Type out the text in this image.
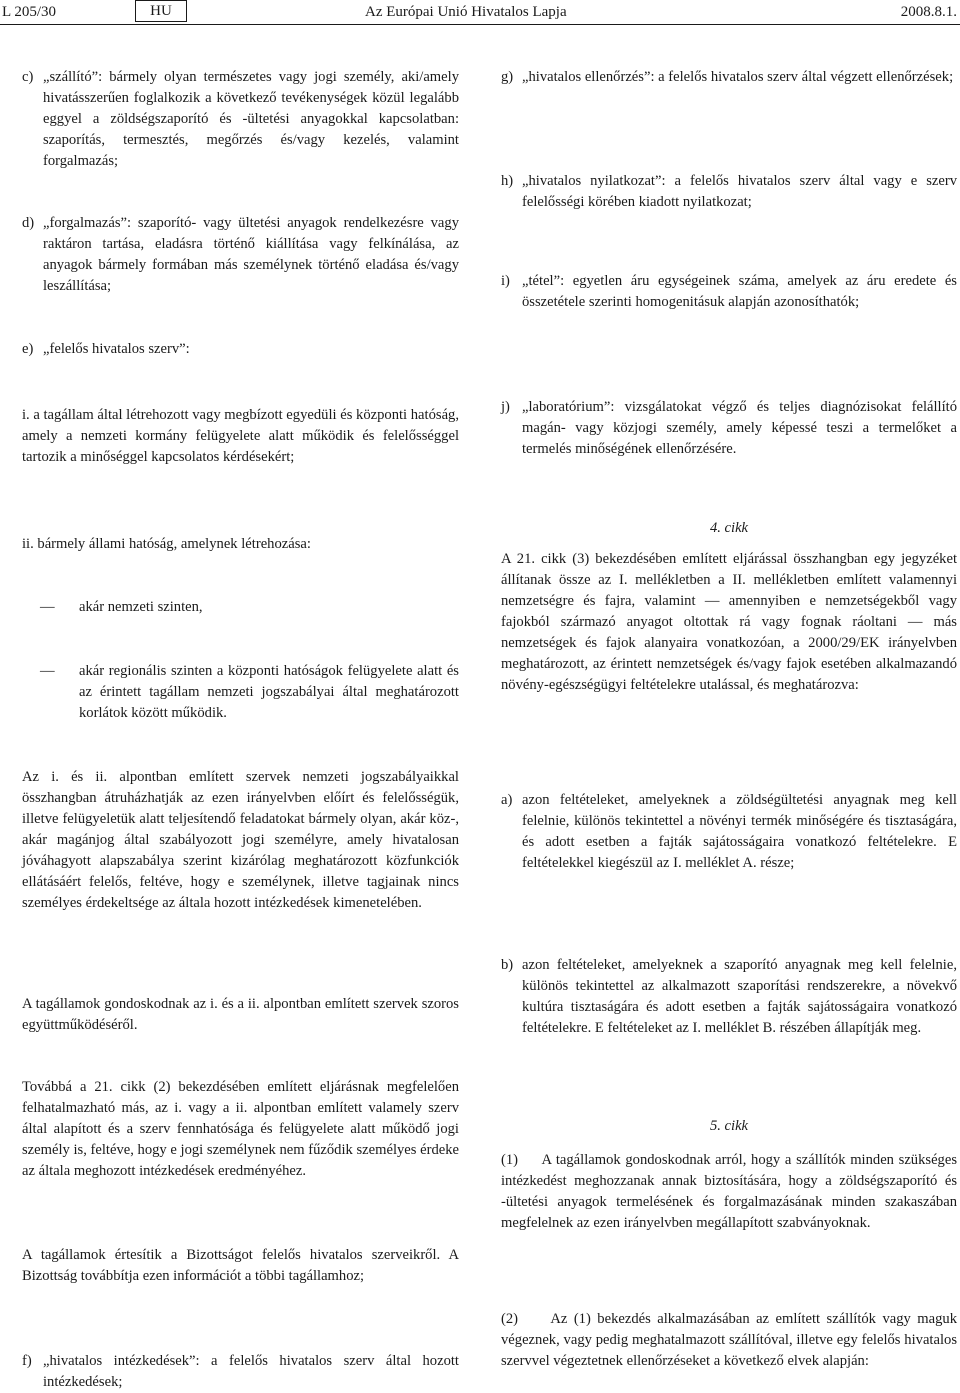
L 205/30	HU	Az Európai Unió Hivatalos Lapja	2008.8.1.
c) „szállító”: bármely olyan természetes vagy jogi személy, aki/amely hivatásszerűen foglalkozik a következő tevékenységek közül legalább eggyel a zöldségszaporító és -ültetési anyagokkal kapcsolatban: szaporítás, termesztés, megőrzés és/vagy kezelés, valamint forgalmazás;
d) „forgalmazás”: szaporító- vagy ültetési anyagok rendelkezésre vagy raktáron tartása, eladásra történő kiállítása vagy felkínálása, az anyagok bármely formában más személynek történő eladása és/vagy leszállítása;
e) „felelős hivatalos szerv”:

i. a tagállam által létrehozott vagy megbízott egyedüli és központi hatóság, amely a nemzeti kormány felügyelete alatt működik és felelősséggel tartozik a minőséggel kapcsolatos kérdésekért;

ii. bármely állami hatóság, amelynek létrehozása:

— akár nemzeti szinten,
— akár regionális szinten a központi hatóságok felügyelete alatt és az érintett tagállam nemzeti jogszabályai által meghatározott korlátok között működik.

Az i. és ii. alpontban említett szervek nemzeti jogszabályaikkal összhangban átruházhatják az ezen irányelvben előírt és felelősségük, illetve felügyeletük alatt teljesítendő feladatokat bármely olyan, akár köz-, akár magánjog által szabályozott jogi személyre, amely hivatalosan jóváhagyott alapszabálya szerint kizárólag meghatározott közfunkciók ellátásáért felelős, feltéve, hogy e személynek, illetve tagjainak nincs személyes érdekeltsége az általa hozott intézkedések kimenetelében.

A tagállamok gondoskodnak az i. és a ii. alpontban említett szervek szoros együttműködéséről.

Továbbá a 21. cikk (2) bekezdésében említett eljárásnak megfelelően felhatalmazható más, az i. vagy a ii. alpontban említett valamely szerv által alapított és a szerv fennhatósága és felügyelete alatt működő jogi személy is, feltéve, hogy e jogi személynek nem fűződik személyes érdeke az általa meghozott intézkedések eredményéhez.

A tagállamok értesítik a Bizottságot felelős hivatalos szerveikről. A Bizottság továbbítja ezen információt a többi tagállamhoz;

f) „hivatalos intézkedések”: a felelős hivatalos szerv által hozott intézkedések;
g) „hivatalos ellenőrzés”: a felelős hivatalos szerv által végzett ellenőrzések;
h) „hivatalos nyilatkozat”: a felelős hivatalos szerv által vagy e szerv felelősségi körében kiadott nyilatkozat;
i) „tétel”: egyetlen áru egységeinek száma, amelyek az áru eredete és összetétele szerinti homogenitásuk alapján azonosíthatók;
j) „laboratórium”: vizsgálatokat végző és teljes diagnózisokat felállító magán- vagy közjogi személy, amely képessé teszi a termelőket a termelés minőségének ellenőrzésére.

4. cikk

A 21. cikk (3) bekezdésében említett eljárással összhangban egy jegyzéket állítanak össze az I. mellékletben a II. mellékletben említett valamennyi nemzetségre és fajra, valamint — amennyiben e nemzetségekből vagy fajokból származó anyagot oltottak rá vagy fognak ráoltani — más nemzetségek és fajok alanyaira vonatkozóan, a 2000/29/EK irányelvben meghatározott, az érintett nemzetségek és/vagy fajok esetében alkalmazandó növény-egészségügyi feltételekre utalással, és meghatározva:

a) azon feltételeket, amelyeknek a zöldségültetési anyagnak meg kell felelnie, különös tekintettel a növényi termék minőségére és tisztaságára, és adott esetben a fajták sajátosságaira vonatkozó feltételekre. E feltételekkel kiegészül az I. melléklet A. része;
b) azon feltételeket, amelyeknek a szaporító anyagnak meg kell felelnie, különös tekintettel az alkalmazott szaporítási rendszerekre, a növekvő kultúra tisztaságára és adott esetben a fajták sajátosságaira vonatkozó feltételekre. E feltételeket az I. melléklet B. részében állapítják meg.

5. cikk

(1) A tagállamok gondoskodnak arról, hogy a szállítók minden szükséges intézkedést meghozzanak annak biztosítására, hogy a zöldségszaporító és -ültetési anyagok termelésének és forgalmazásának minden szakaszában megfelelnek az ezen irányelvben megállapított szabványoknak.

(2) Az (1) bekezdés alkalmazásában az említett szállítók vagy maguk végeznek, vagy pedig meghatalmazott szállítóval, illetve egy felelős hivatalos szervvel végeztetnek ellenőrzéseket a következő elvek alapján:
